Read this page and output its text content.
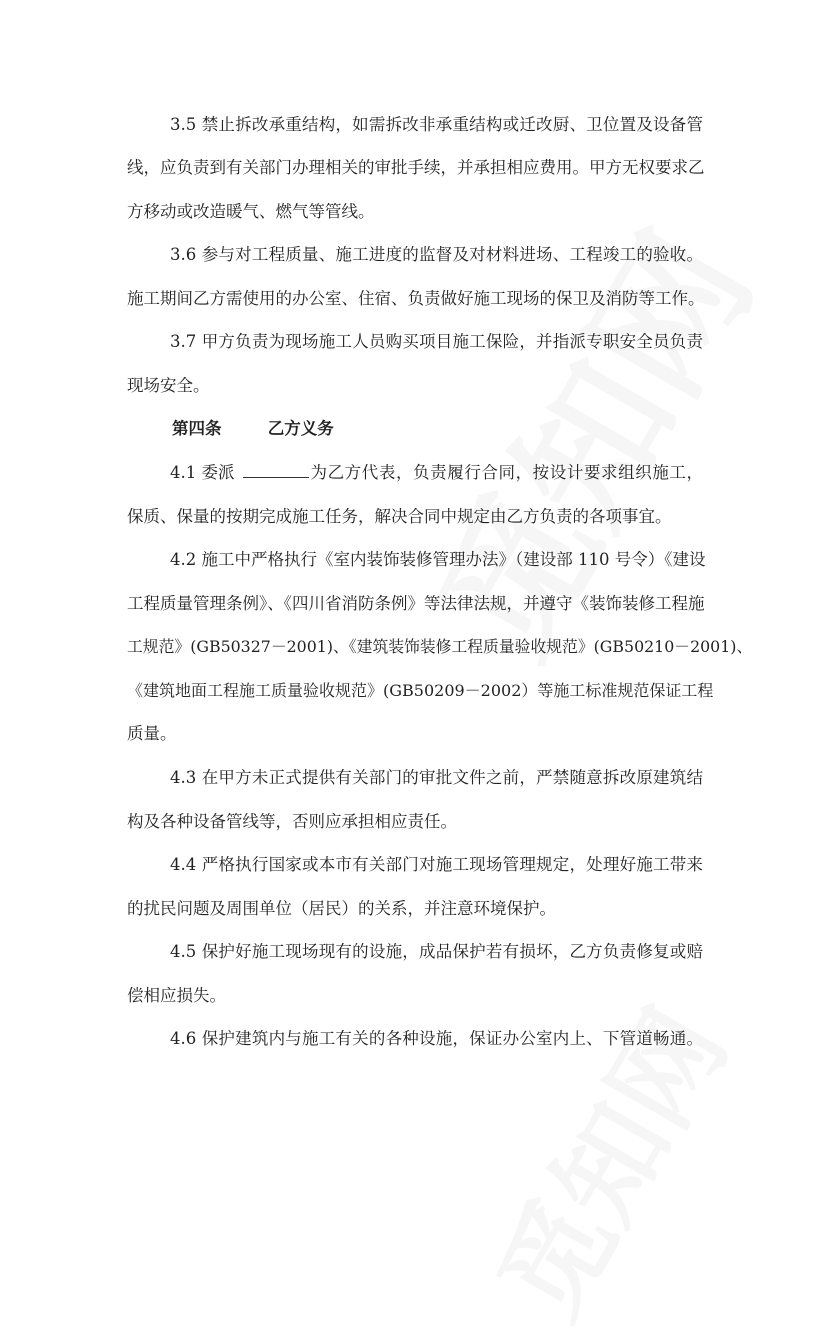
3.5 禁止拆改承重结构，如需拆改非承重结构或迁改厨、卫位置及设备管
线，应负责到有关部门办理相关的审批手续，并承担相应费用。甲方无权要求乙
方移动或改造暖气、燃气等管线。
3.6 参与对工程质量、施工进度的监督及对材料进场、工程竣工的验收。
施工期间乙方需使用的办公室、住宿、负责做好施工现场的保卫及消防等工作。
3.7 甲方负责为现场施工人员购买项目施工保险，并指派专职安全员负责
现场安全。
第四条	乙方义务
4.1 委派	为乙方代表，负责履行合同，按设计要求组织施工，
保质、保量的按期完成施工任务，解决合同中规定由乙方负责的各项事宜。
4.2 施工中严格执行《室内装饰装修管理办法》（建设部 110 号令）《建设
工程质量管理条例》、《四川省消防条例》等法律法规，并遵守《装饰装修工程施
工规范》(GB50327－2001)、《建筑装饰装修工程质量验收规范》(GB50210－2001)、
《建筑地面工程施工质量验收规范》(GB50209－2002）等施工标准规范保证工程
质量。
4.3 在甲方未正式提供有关部门的审批文件之前，严禁随意拆改原建筑结
构及各种设备管线等，否则应承担相应责任。
4.4 严格执行国家或本市有关部门对施工现场管理规定，处理好施工带来
的扰民问题及周围单位（居民）的关系，并注意环境保护。
4.5 保护好施工现场现有的设施，成品保护若有损坏，乙方负责修复或赔
偿相应损失。
4.6 保护建筑内与施工有关的各种设施，保证办公室内上、下管道畅通。
